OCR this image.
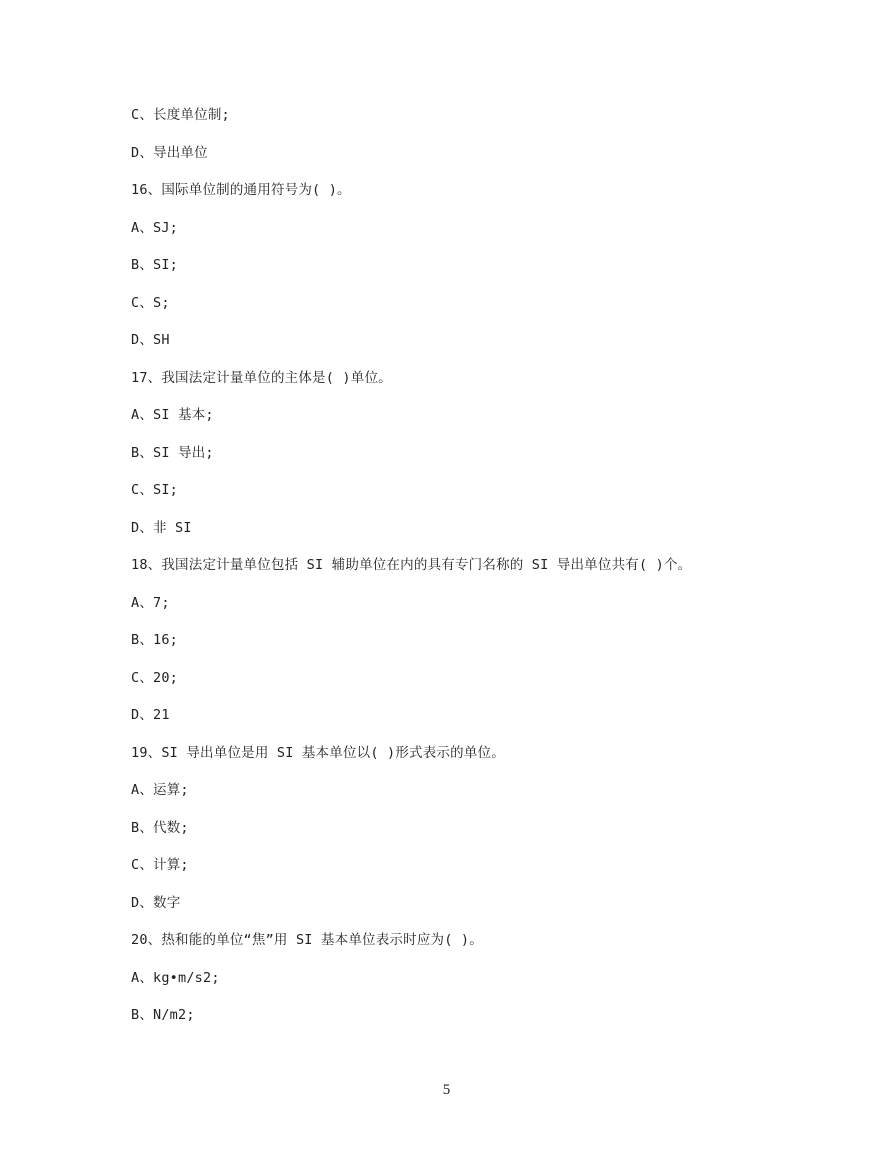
C、长度单位制;
D、导出单位
16、国际单位制的通用符号为( )。
A、SJ;
B、SI;
C、S;
D、SH
17、我国法定计量单位的主体是( )单位。
A、SI 基本;
B、SI 导出;
C、SI;
D、非 SI
18、我国法定计量单位包括 SI 辅助单位在内的具有专门名称的 SI 导出单位共有( )个。
A、7;
B、16;
C、20;
D、21
19、SI 导出单位是用 SI 基本单位以( )形式表示的单位。
A、运算;
B、代数;
C、计算;
D、数字
20、热和能的单位“焦”用 SI 基本单位表示时应为( )。
A、kg•m/s2;
B、N/m2;
5
